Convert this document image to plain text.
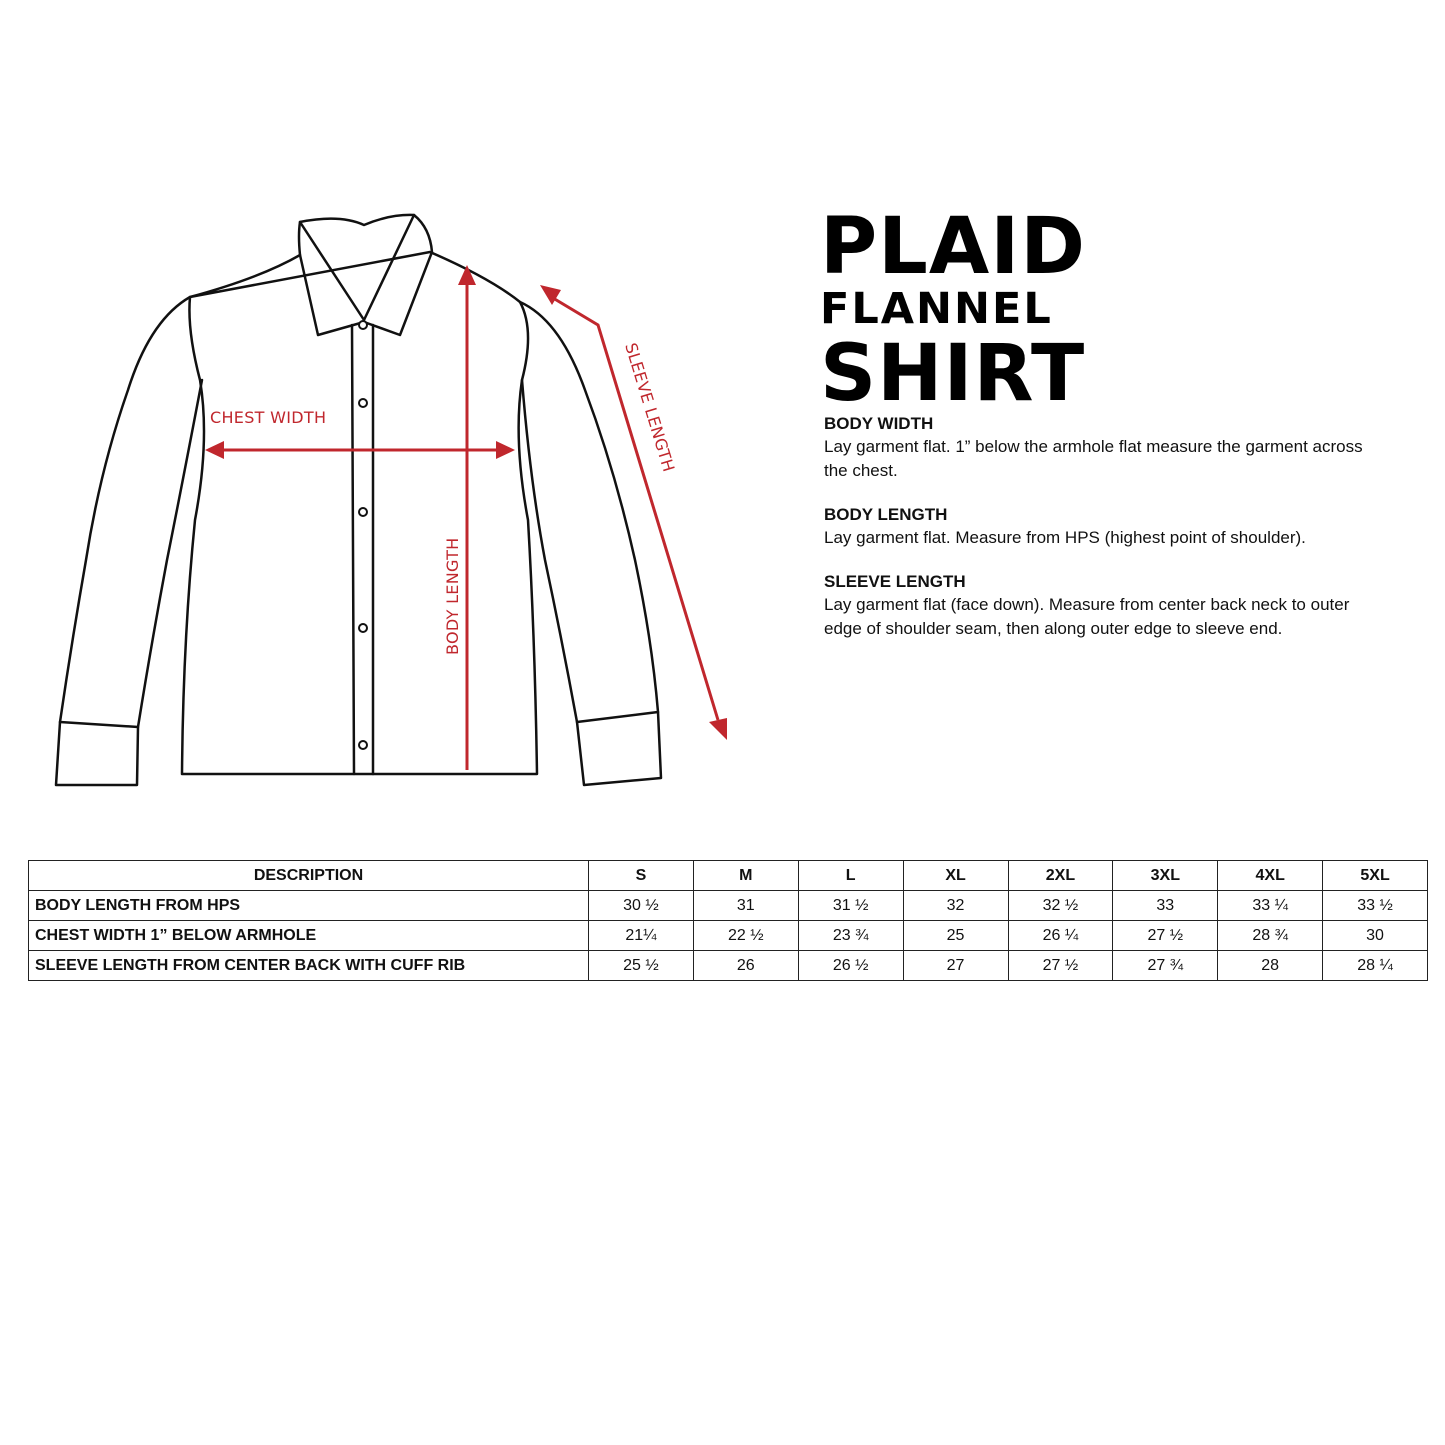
CHEST WIDTH
BODY LENGTH
SLEEVE LENGTH
PLAID
FLANNEL
SHIRT
BODY WIDTH
Lay garment flat. 1” below the armhole flat measure the garment across the chest.
BODY LENGTH
Lay garment flat. Measure from HPS (highest point of shoulder).
SLEEVE LENGTH
Lay garment flat (face down). Measure from center back neck to outer edge of shoulder seam, then along outer edge to sleeve end.
DESCRIPTION	S	M	L	XL	2XL	3XL	4XL	5XL
BODY LENGTH FROM HPS	30 ½	31	31 ½	32	32 ½	33	33 ¼	33 ½
CHEST WIDTH 1” BELOW ARMHOLE	21¼	22 ½	23 ¾	25	26 ¼	27 ½	28 ¾	30
SLEEVE LENGTH FROM CENTER BACK WITH CUFF RIB	25 ½	26	26 ½	27	27 ½	27 ¾	28	28 ¼
